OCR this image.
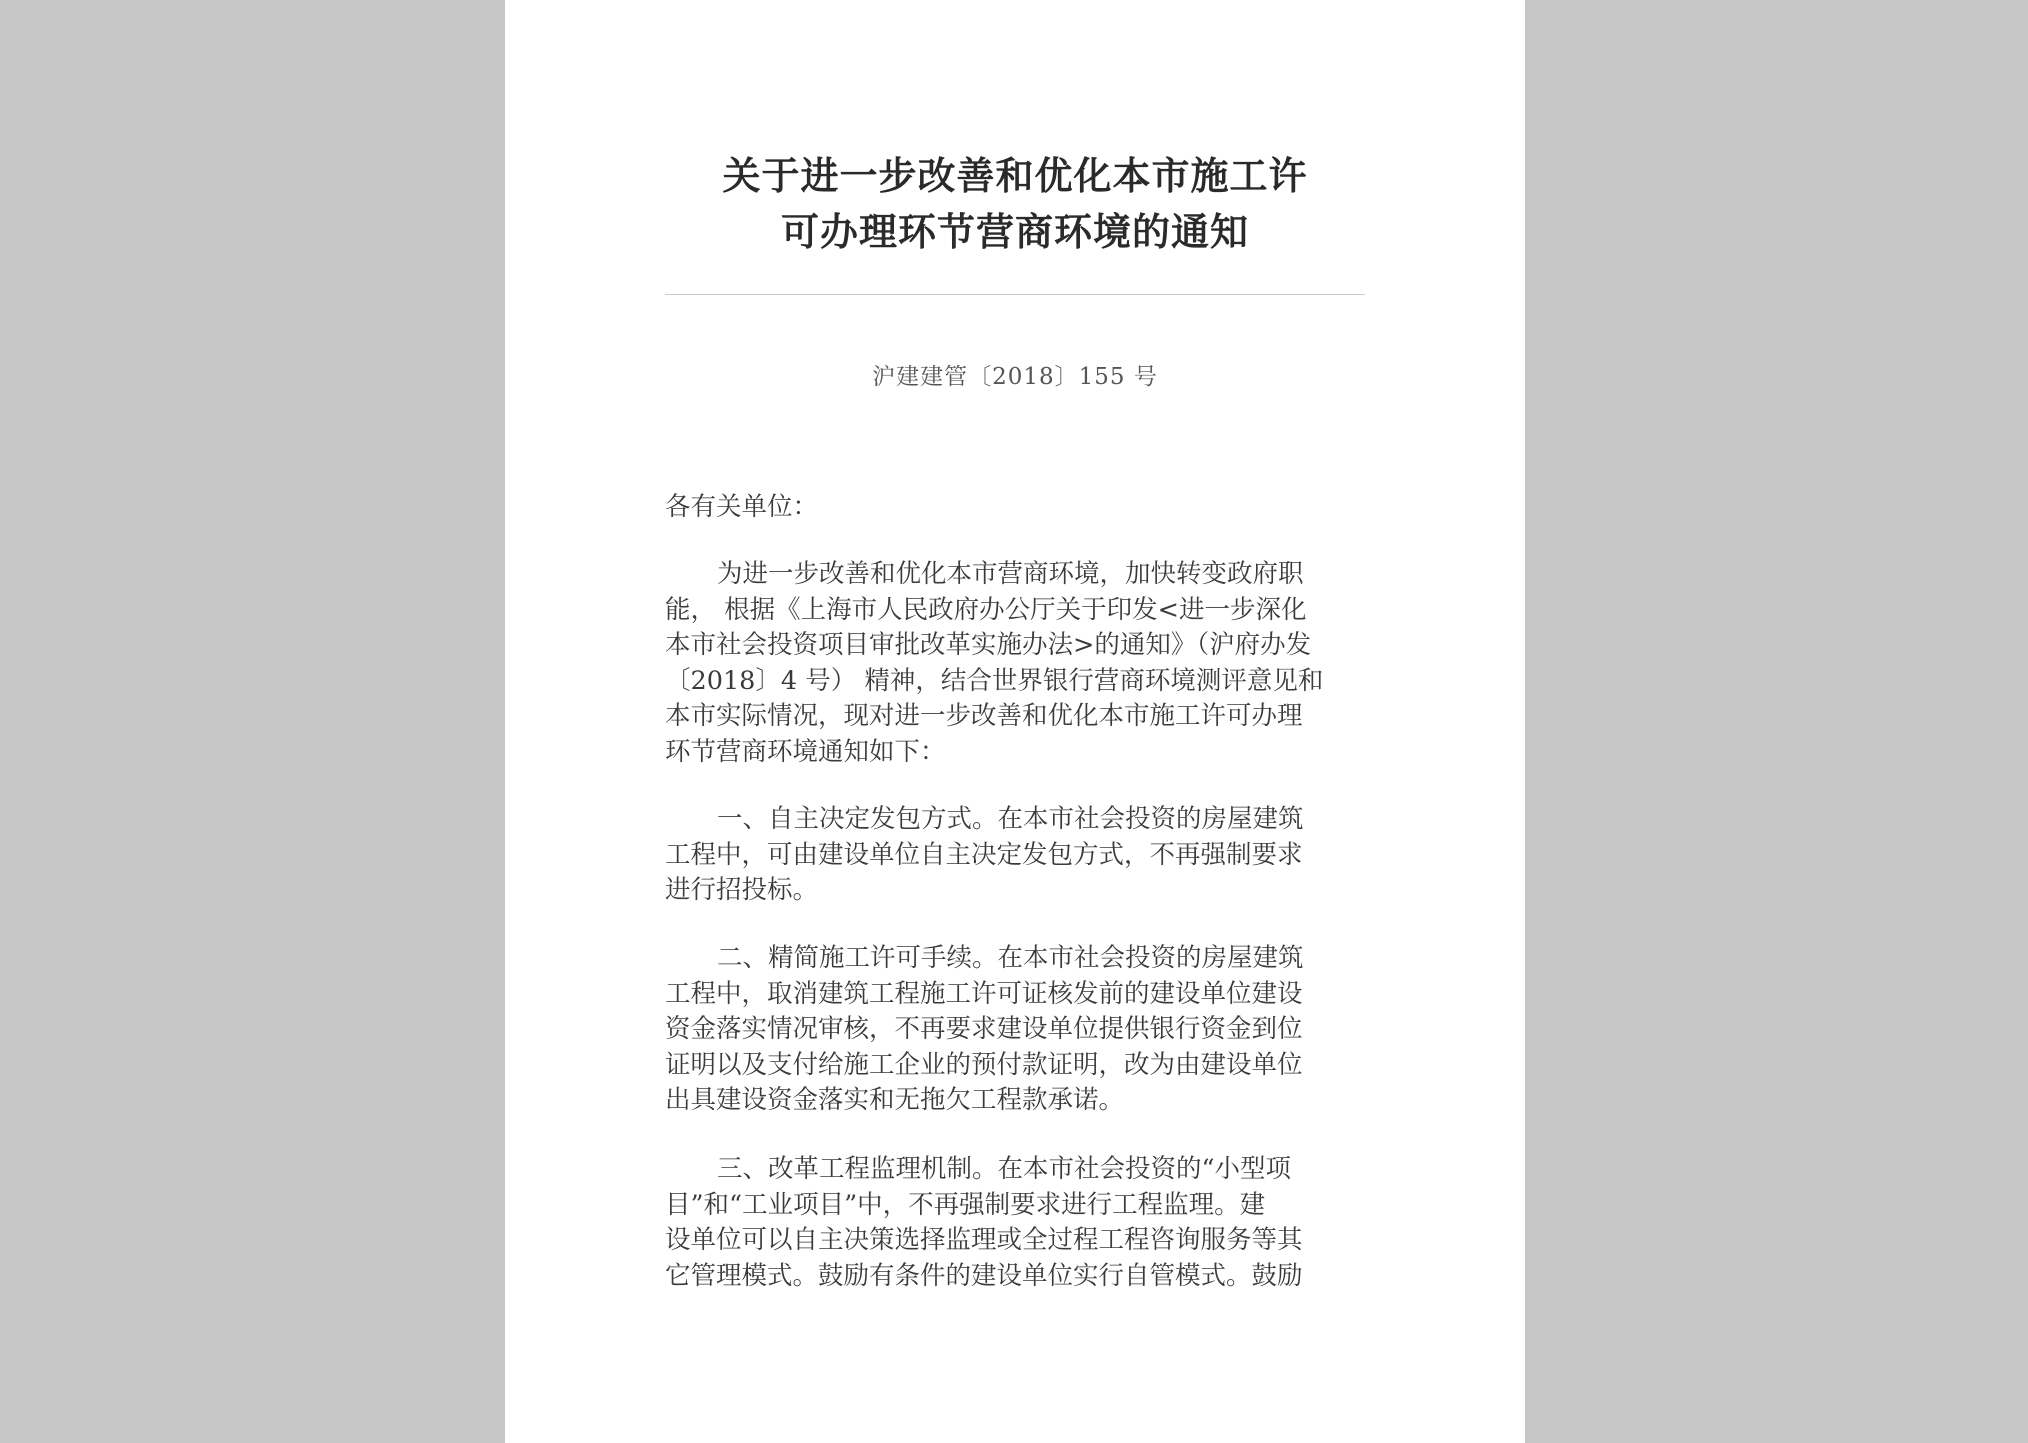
关于进一步改善和优化本市施工许
可办理环节营商环境的通知
沪建建管〔2018〕155 号
各有关单位：
为进一步改善和优化本市营商环境，加快转变政府职
能， 根据《上海市人民政府办公厅关于印发<进一步深化
本市社会投资项目审批改革实施办法>的通知》（沪府办发
〔2018〕4 号） 精神，结合世界银行营商环境测评意见和
本市实际情况，现对进一步改善和优化本市施工许可办理
环节营商环境通知如下：
一、自主决定发包方式。在本市社会投资的房屋建筑
工程中，可由建设单位自主决定发包方式，不再强制要求
进行招投标。
二、精简施工许可手续。在本市社会投资的房屋建筑
工程中，取消建筑工程施工许可证核发前的建设单位建设
资金落实情况审核，不再要求建设单位提供银行资金到位
证明以及支付给施工企业的预付款证明，改为由建设单位
出具建设资金落实和无拖欠工程款承诺。
三、改革工程监理机制。在本市社会投资的“小型项
目”和“工业项目”中，不再强制要求进行工程监理。建
设单位可以自主决策选择监理或全过程工程咨询服务等其
它管理模式。鼓励有条件的建设单位实行自管模式。鼓励
